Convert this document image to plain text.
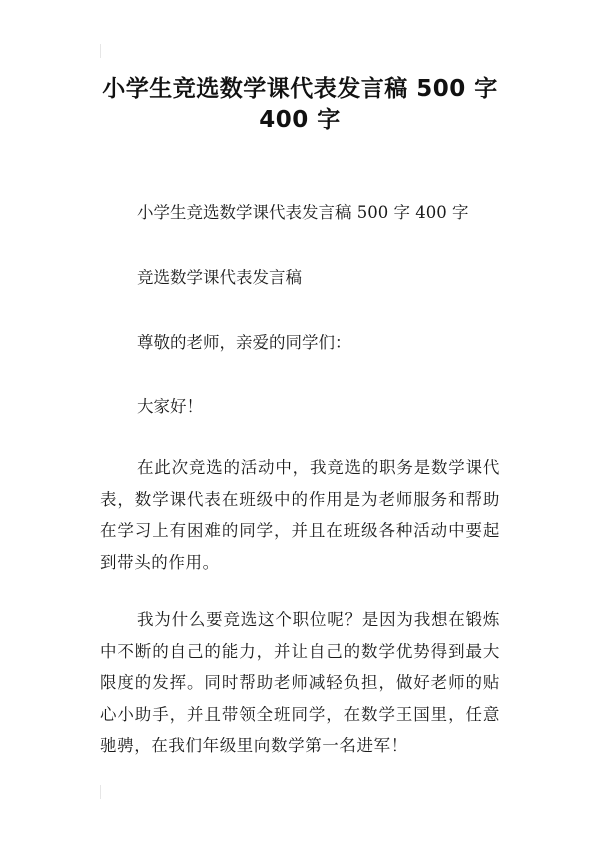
小学生竞选数学课代表发言稿 500 字
400 字
小学生竞选数学课代表发言稿 500 字 400 字
竞选数学课代表发言稿
尊敬的老师，亲爱的同学们：
大家好！
在此次竞选的活动中，我竞选的职务是数学课代表，数学课代表在班级中的作用是为老师服务和帮助在学习上有困难的同学，并且在班级各种活动中要起到带头的作用。
我为什么要竞选这个职位呢？是因为我想在锻炼中不断的自己的能力，并让自己的数学优势得到最大限度的发挥。同时帮助老师减轻负担，做好老师的贴心小助手，并且带领全班同学，在数学王国里，任意驰骋，在我们年级里向数学第一名进军！
